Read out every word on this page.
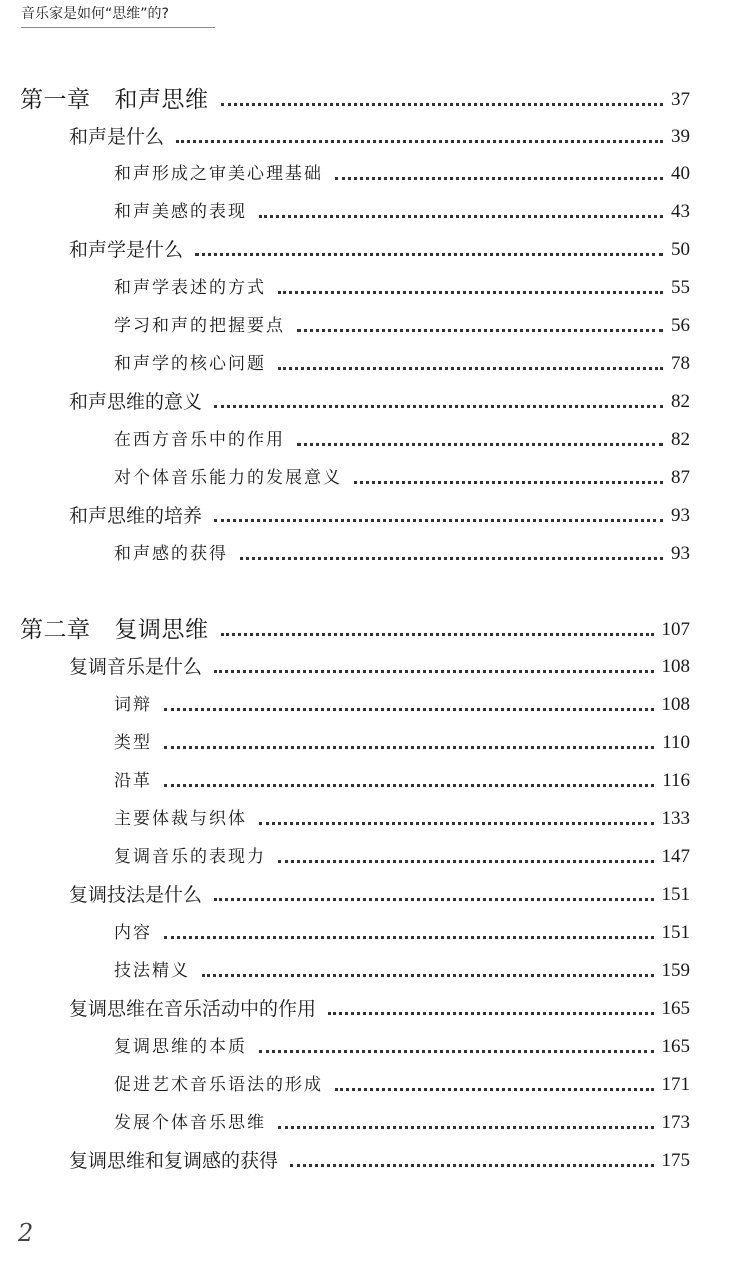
音乐家是如何“思维”的?
第一章 和声思维	37
和声是什么	39
和声形成之审美心理基础	40
和声美感的表现	43
和声学是什么	50
和声学表述的方式	55
学习和声的把握要点	56
和声学的核心问题	78
和声思维的意义	82
在西方音乐中的作用	82
对个体音乐能力的发展意义	87
和声思维的培养	93
和声感的获得	93
第二章 复调思维	107
复调音乐是什么	108
词辩	108
类型	110
沿革	116
主要体裁与织体	133
复调音乐的表现力	147
复调技法是什么	151
内容	151
技法精义	159
复调思维在音乐活动中的作用	165
复调思维的本质	165
促进艺术音乐语法的形成	171
发展个体音乐思维	173
复调思维和复调感的获得	175
2
